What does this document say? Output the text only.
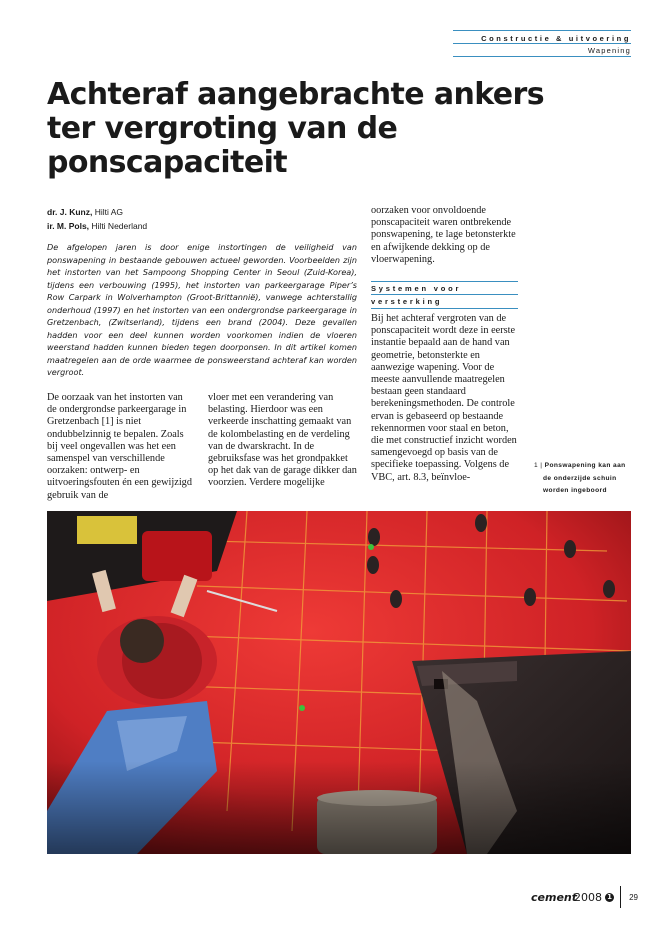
Constructie & uitvoering
Wapening
Achteraf aangebrachte ankers ter vergroting van de ponscapaciteit
dr. J. Kunz, Hilti AG
ir. M. Pols, Hilti Nederland

De afgelopen jaren is door enige instortingen de veiligheid van ponswapening in bestaande gebouwen actueel geworden. Voorbeelden zijn het instorten van het Sampoong Shopping Center in Seoul (Zuid-Korea), tijdens een verbouwing (1995), het instorten van parkeergarage Piper’s Row Carpark in Wolverhampton (Groot-Brittannië), vanwege achterstallig onderhoud (1997) en het instorten van een ondergrondse parkeergarage in Gretzenbach, (Zwitserland), tijdens een brand (2004). Deze gevallen hadden voor een deel kunnen worden voorkomen indien de vloeren weerstand hadden kunnen bieden tegen doorponsen. In dit artikel komen maatregelen aan de orde waarmee de ponsweerstand achteraf kan worden vergroot.

De oorzaak van het instorten van de ondergrondse parkeergarage in Gretzenbach [1] is niet ondubbelzinnig te bepalen. Zoals bij veel ongevallen was het een samenspel van verschillende oorzaken: ontwerp- en uitvoeringsfouten én een gewijzigd gebruik van de

vloer met een verandering van belasting. Hierdoor was een verkeerde inschatting gemaakt van de kolombelasting en de verdeling van de dwarskracht. In de gebruiksfase was het grondpakket op het dak van de garage dikker dan voorzien. Verdere mogelijke

oorzaken voor onvoldoende ponscapaciteit waren ontbrekende ponswapening, te lage betonsterkte en afwijkende dekking op de vloerwapening.

Systemen voor
versterking

Bij het achteraf vergroten van de ponscapaciteit wordt deze in eerste instantie bepaald aan de hand van geometrie, betonsterkte en aanwezige wapening. Voor de meeste aanvullende maatregelen bestaan geen standaard berekeningsmethoden. De controle ervan is gebaseerd op bestaande rekennormen voor staal en beton, die met constructief inzicht worden samengevoegd op basis van de specifieke toepassing. Volgens de VBC, art. 8.3, beïnvloe-

1 | Ponswapening kan aan
de onderzijde schuin
worden ingeboord
cement
2008 1 29
